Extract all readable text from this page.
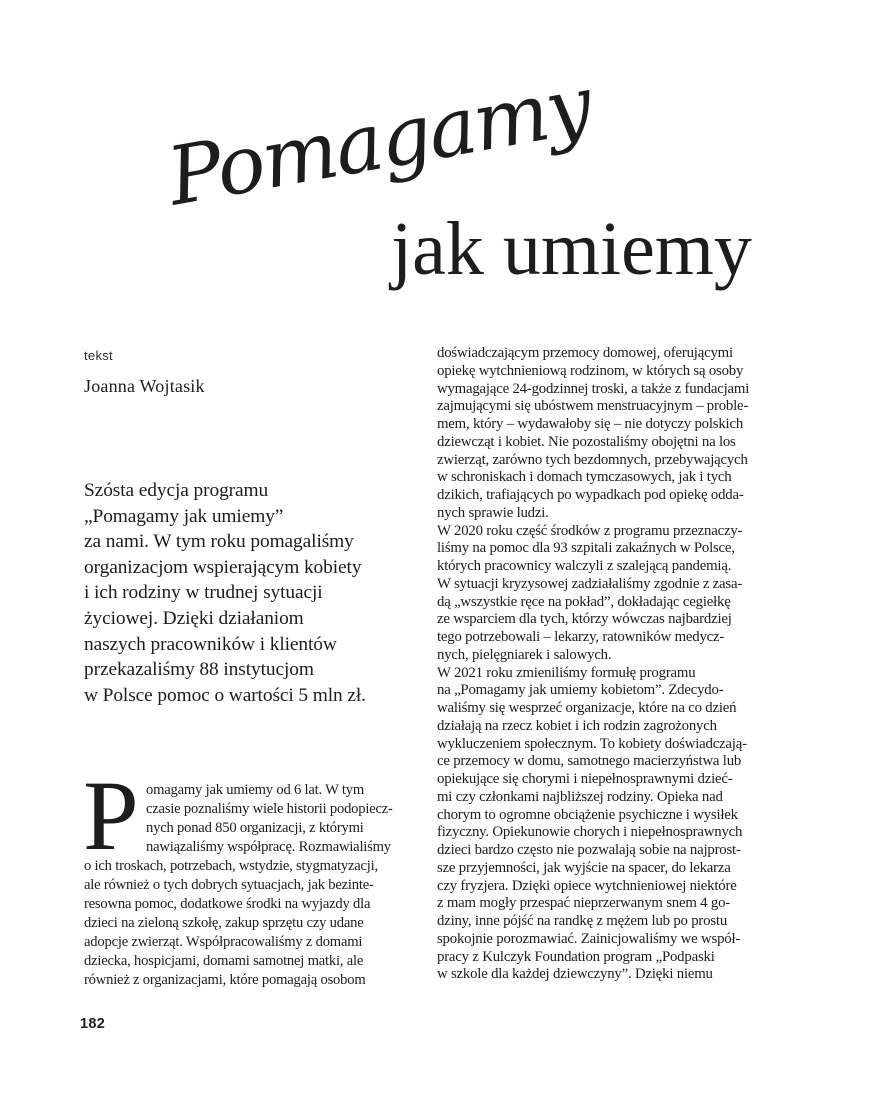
Pomagamy
jak umiemy
tekst
Joanna Wojtasik
Szósta edycja programu
„Pomagamy jak umiemy”
za nami. W tym roku pomagaliśmy
organizacjom wspierającym kobiety
i ich rodziny w trudnej sytuacji
życiowej. Dzięki działaniom
naszych pracowników i klientów
przekazaliśmy 88 instytucjom
w Polsce pomoc o wartości 5 mln zł.
P omagamy jak umiemy od 6 lat. W tym
czasie poznaliśmy wiele historii podopiecz-
nych ponad 850 organizacji, z którymi
nawiązaliśmy współpracę. Rozmawialiśmy
o ich troskach, potrzebach, wstydzie, stygmatyzacji,
ale również o tych dobrych sytuacjach, jak bezinte-
resowna pomoc, dodatkowe środki na wyjazdy dla
dzieci na zieloną szkołę, zakup sprzętu czy udane
adopcje zwierząt. Współpracowaliśmy z domami
dziecka, hospicjami, domami samotnej matki, ale
również z organizacjami, które pomagają osobom
doświadczającym przemocy domowej, oferującymi
opiekę wytchnieniową rodzinom, w których są osoby
wymagające 24-godzinnej troski, a także z fundacjami
zajmującymi się ubóstwem menstruacyjnym – proble-
mem, który – wydawałoby się – nie dotyczy polskich
dziewcząt i kobiet. Nie pozostaliśmy obojętni na los
zwierząt, zarówno tych bezdomnych, przebywających
w schroniskach i domach tymczasowych, jak i tych
dzikich, trafiających po wypadkach pod opiekę odda-
nych sprawie ludzi.
W 2020 roku część środków z programu przeznaczy-
liśmy na pomoc dla 93 szpitali zakaźnych w Polsce,
których pracownicy walczyli z szalejącą pandemią.
W sytuacji kryzysowej zadziałaliśmy zgodnie z zasa-
dą „wszystkie ręce na pokład”, dokładając cegiełkę
ze wsparciem dla tych, którzy wówczas najbardziej
tego potrzebowali – lekarzy, ratowników medycz-
nych, pielęgniarek i salowych.
W 2021 roku zmieniliśmy formułę programu
na „Pomagamy jak umiemy kobietom”. Zdecydo-
waliśmy się wesprzeć organizacje, które na co dzień
działają na rzecz kobiet i ich rodzin zagrożonych
wykluczeniem społecznym. To kobiety doświadczają-
ce przemocy w domu, samotnego macierzyństwa lub
opiekujące się chorymi i niepełnosprawnymi dzieć-
mi czy członkami najbliższej rodziny. Opieka nad
chorym to ogromne obciążenie psychiczne i wysiłek
fizyczny. Opiekunowie chorych i niepełnosprawnych
dzieci bardzo często nie pozwalają sobie na najprost-
sze przyjemności, jak wyjście na spacer, do lekarza
czy fryzjera. Dzięki opiece wytchnieniowej niektóre
z mam mogły przespać nieprzerwanym snem 4 go-
dziny, inne pójść na randkę z mężem lub po prostu
spokojnie porozmawiać. Zainicjowaliśmy we współ-
pracy z Kulczyk Foundation program „Podpaski
w szkole dla każdej dziewczyny”. Dzięki niemu
182
